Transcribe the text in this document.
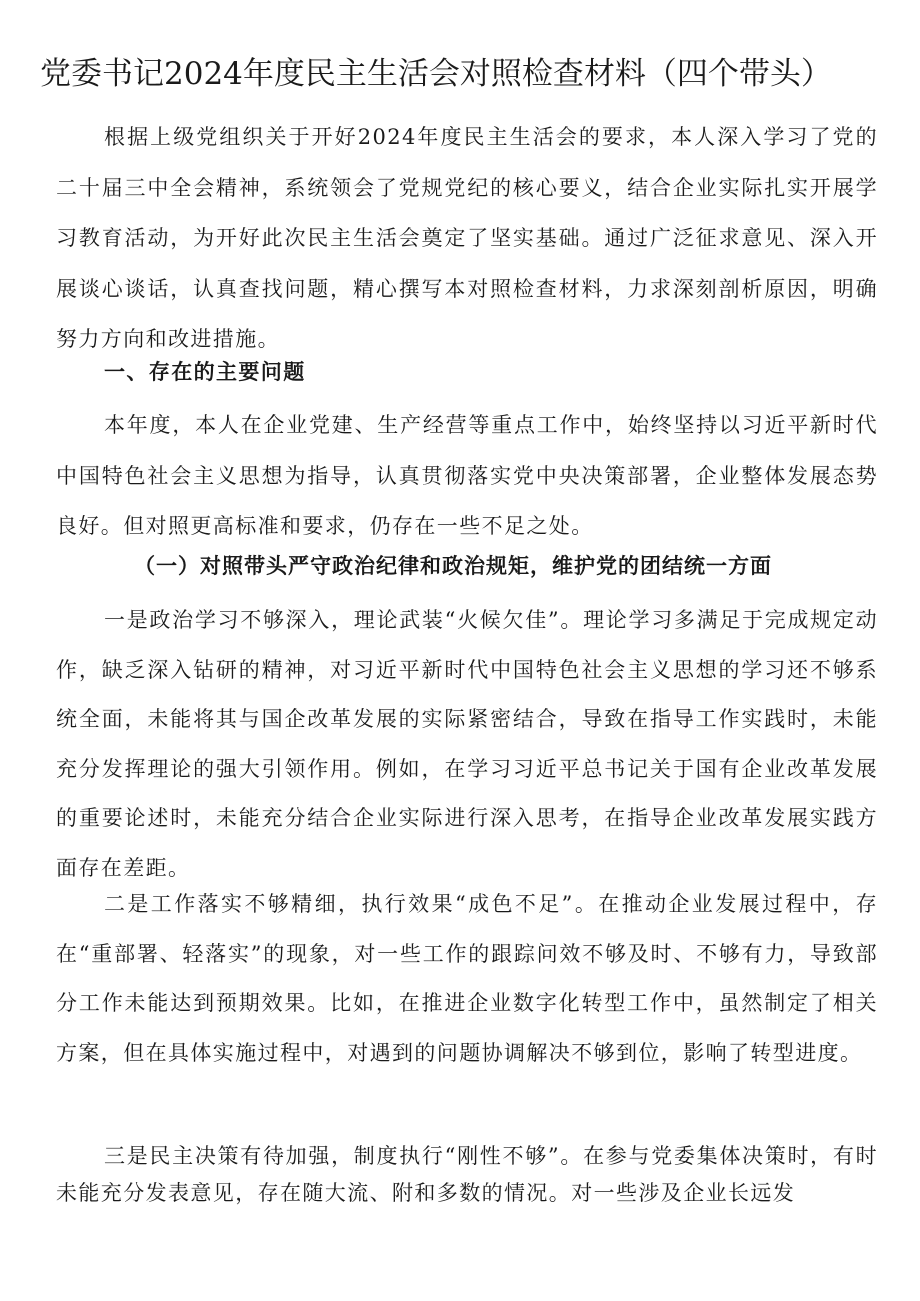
党委书记2024年度民主生活会对照检查材料（四个带头）

根据上级党组织关于开好2024年度民主生活会的要求，本人深入学习了党的二十届三中全会精神，系统领会了党规党纪的核心要义，结合企业实际扎实开展学习教育活动，为开好此次民主生活会奠定了坚实基础。通过广泛征求意见、深入开展谈心谈话，认真查找问题，精心撰写本对照检查材料，力求深刻剖析原因，明确努力方向和改进措施。

一、存在的主要问题

本年度，本人在企业党建、生产经营等重点工作中，始终坚持以习近平新时代中国特色社会主义思想为指导，认真贯彻落实党中央决策部署，企业整体发展态势良好。但对照更高标准和要求，仍存在一些不足之处。

（一）对照带头严守政治纪律和政治规矩，维护党的团结统一方面

一是政治学习不够深入，理论武装“火候欠佳”。理论学习多满足于完成规定动作，缺乏深入钻研的精神，对习近平新时代中国特色社会主义思想的学习还不够系统全面，未能将其与国企改革发展的实际紧密结合，导致在指导工作实践时，未能充分发挥理论的强大引领作用。例如，在学习习近平总书记关于国有企业改革发展的重要论述时，未能充分结合企业实际进行深入思考，在指导企业改革发展实践方面存在差距。

二是工作落实不够精细，执行效果“成色不足”。在推动企业发展过程中，存在“重部署、轻落实”的现象，对一些工作的跟踪问效不够及时、不够有力，导致部分工作未能达到预期效果。比如，在推进企业数字化转型工作中，虽然制定了相关方案，但在具体实施过程中，对遇到的问题协调解决不够到位，影响了转型进度。

三是民主决策有待加强，制度执行“刚性不够”。在参与党委集体决策时，有时未能充分发表意见，存在随大流、附和多数的情况。对一些涉及企业长远发
